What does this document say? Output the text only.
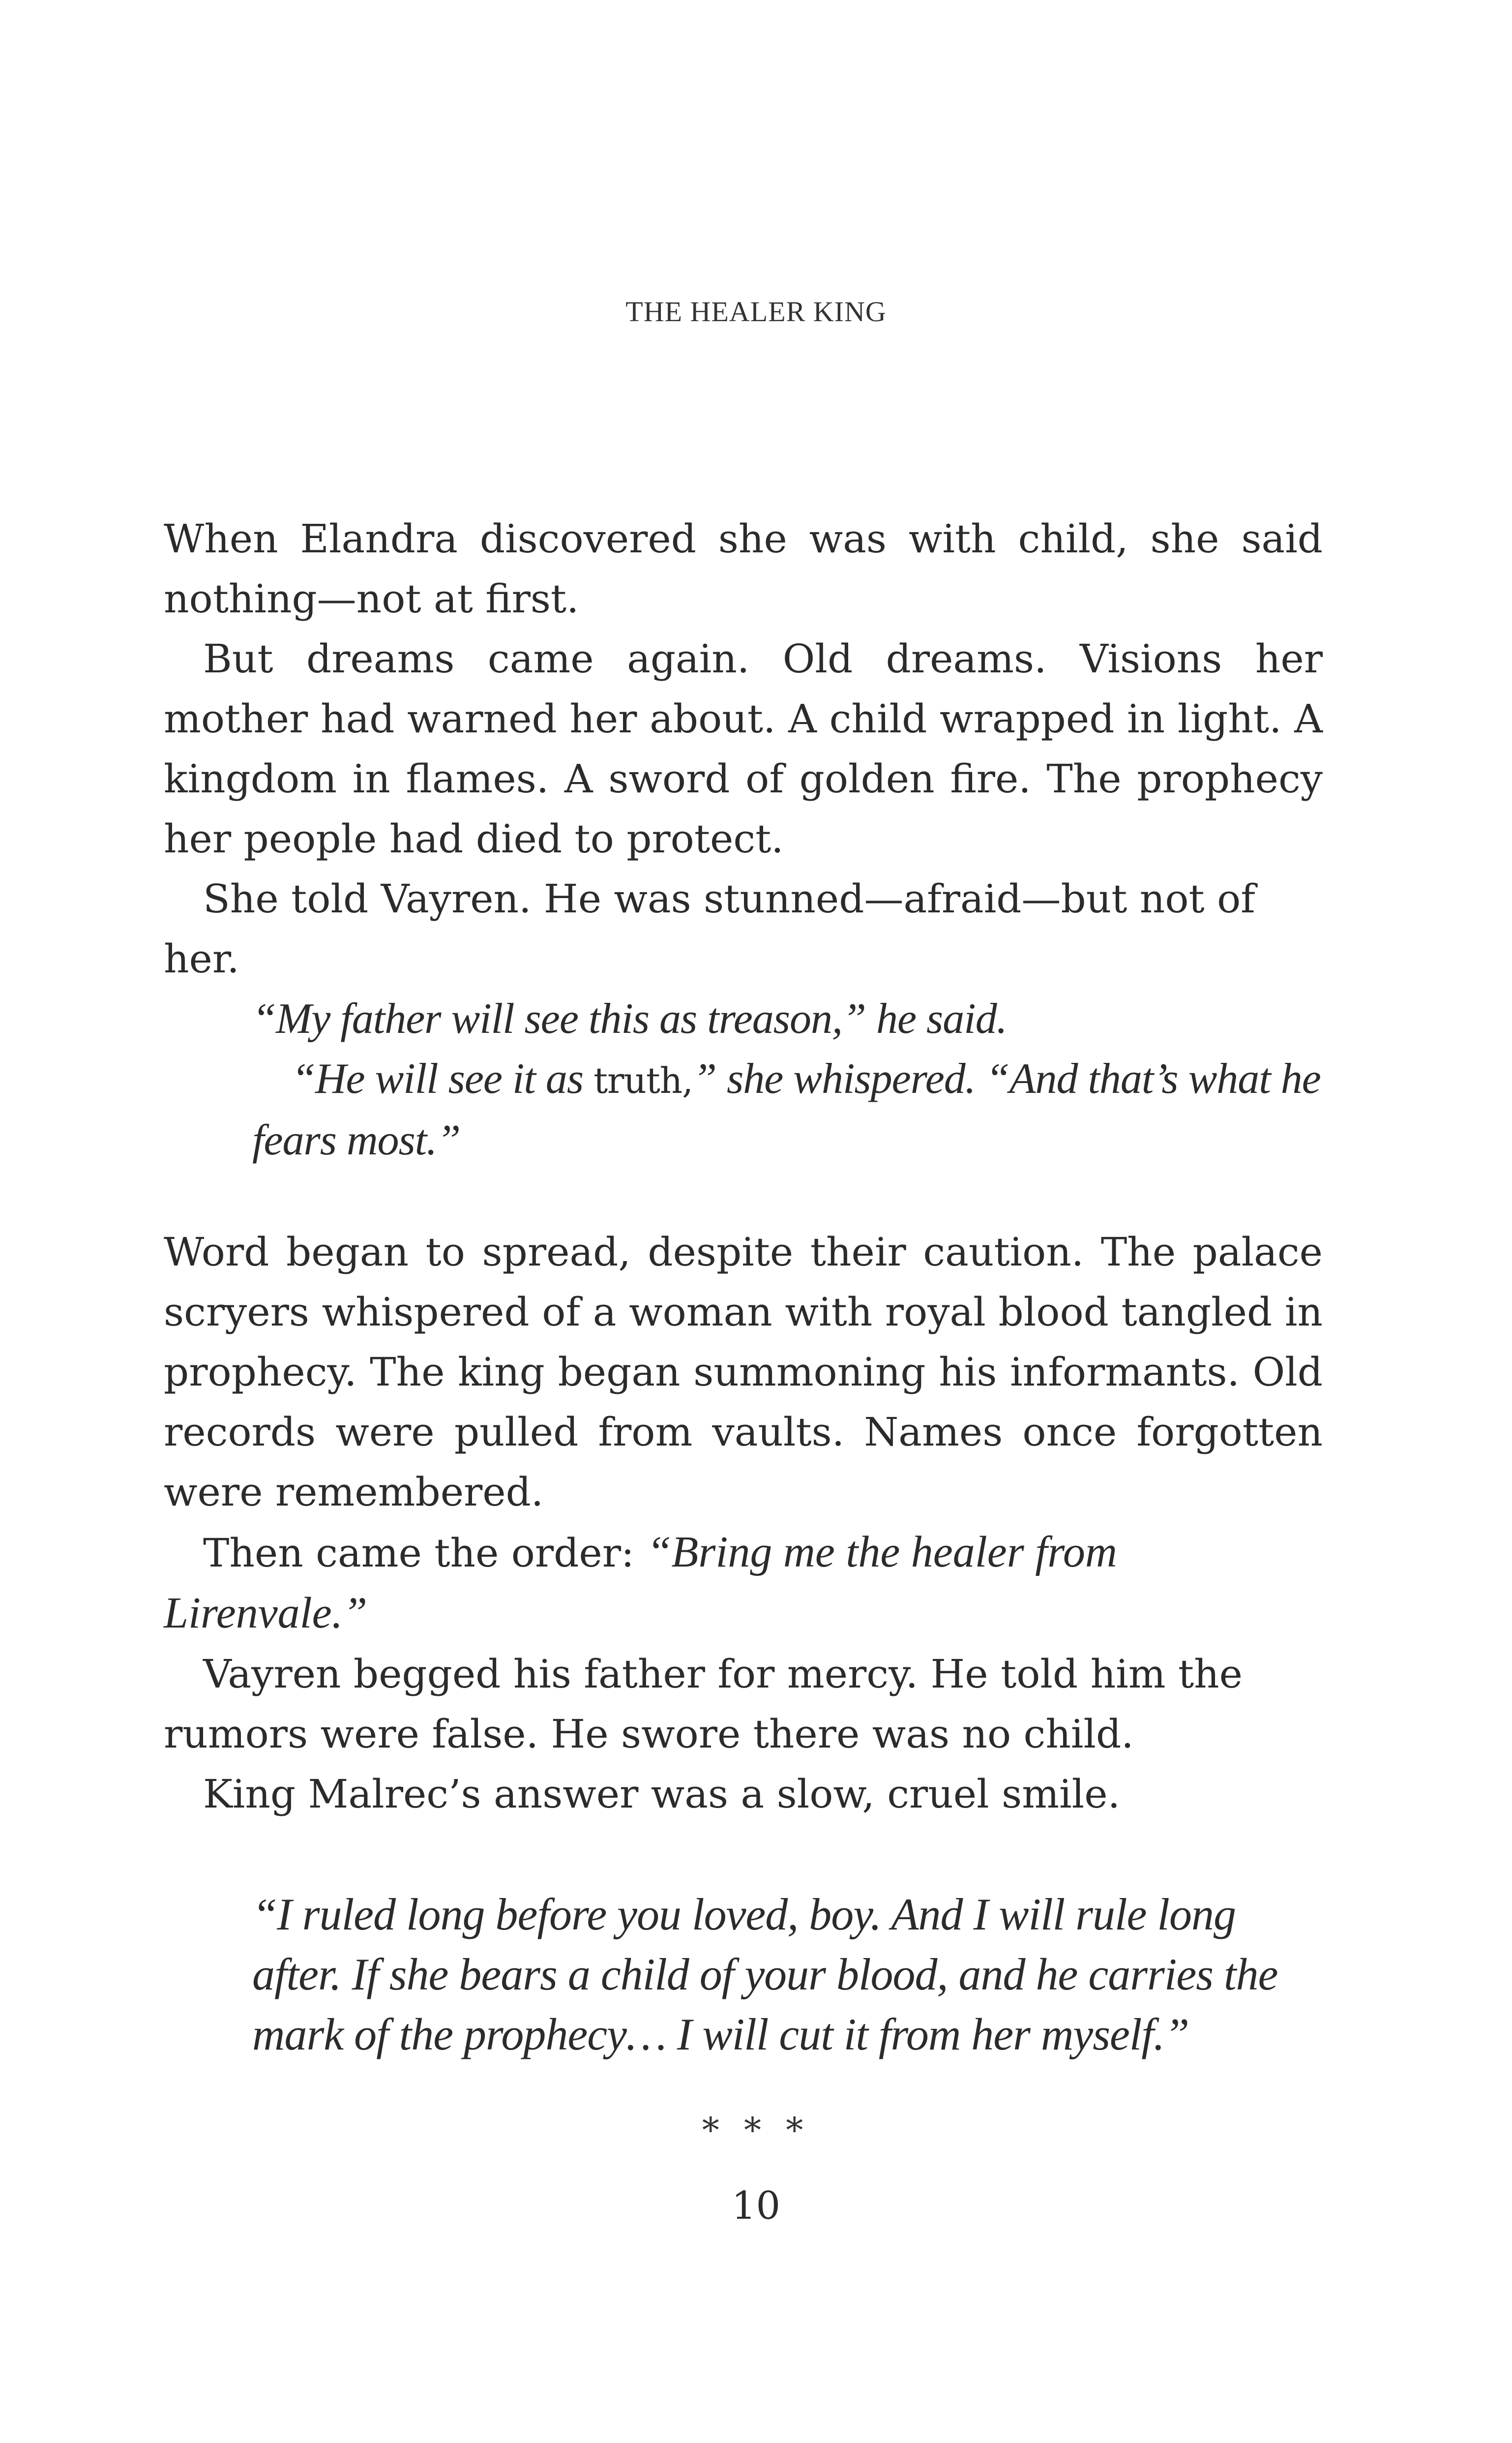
THE HEALER KING

When Elandra discovered she was with child, she said nothing—not at first.

But dreams came again. Old dreams. Visions her mother had warned her about. A child wrapped in light. A kingdom in flames. A sword of golden fire. The prophecy her people had died to protect.

She told Vayren. He was stunned—afraid—but not of her.

“My father will see this as treason,” he said.

“He will see it as truth,” she whispered. “And that’s what he fears most.”

Word began to spread, despite their caution. The palace scryers whispered of a woman with royal blood tangled in prophecy. The king began summoning his informants. Old records were pulled from vaults. Names once forgotten were remembered.

Then came the order: “Bring me the healer from Lirenvale.”

Vayren begged his father for mercy. He told him the rumors were false. He swore there was no child.

King Malrec’s answer was a slow, cruel smile.

“I ruled long before you loved, boy. And I will rule long after. If she bears a child of your blood, and he carries the mark of the prophecy… I will cut it from her myself.”

* * *
10
